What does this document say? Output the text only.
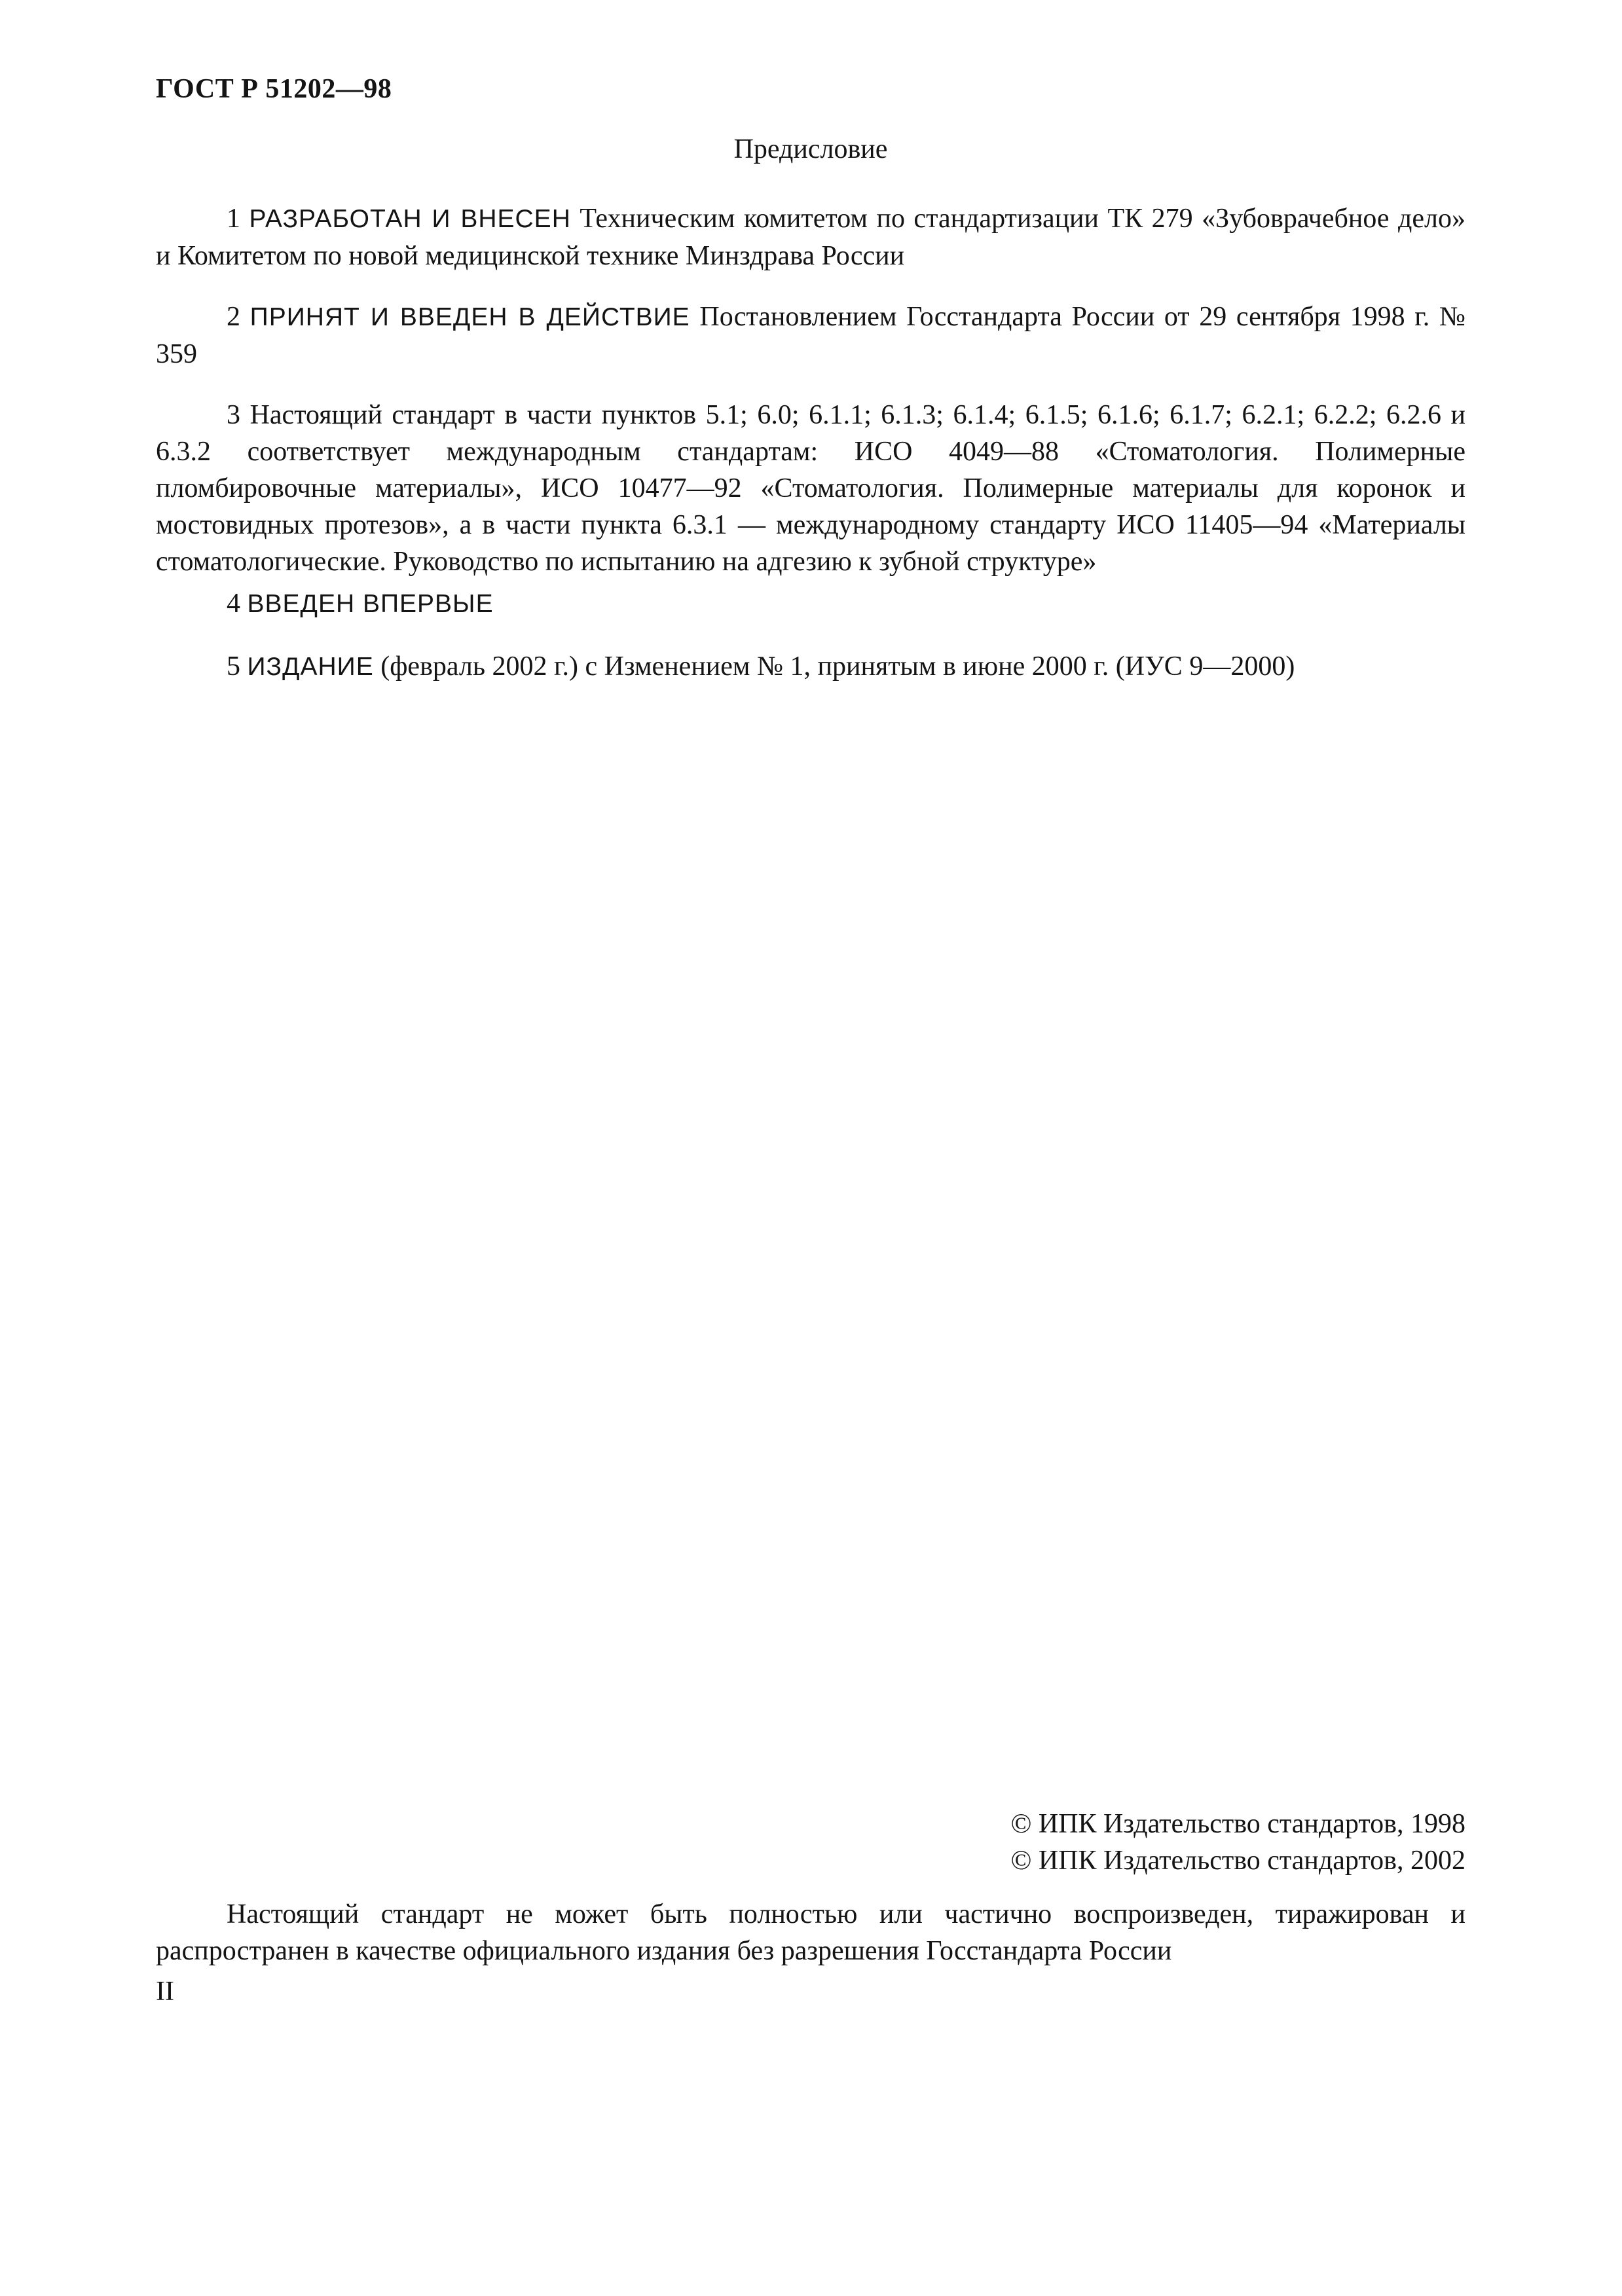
ГОСТ Р 51202—98
Предисловие

1 РАЗРАБОТАН И ВНЕСЕН Техническим комитетом по стандартизации ТК 279 «Зубоврачебное дело» и Комитетом по новой медицинской технике Минздрава России

2 ПРИНЯТ И ВВЕДЕН В ДЕЙСТВИЕ Постановлением Госстандарта России от 29 сентября 1998 г. № 359

3 Настоящий стандарт в части пунктов 5.1; 6.0; 6.1.1; 6.1.3; 6.1.4; 6.1.5; 6.1.6; 6.1.7; 6.2.1; 6.2.2; 6.2.6 и 6.3.2 соответствует международным стандартам: ИСО 4049—88 «Стоматология. Полимерные пломбировочные материалы», ИСО 10477—92 «Стоматология. Полимерные материалы для коронок и мостовидных протезов», а в части пункта 6.3.1 — международному стандарту ИСО 11405—94 «Материалы стоматологические. Руководство по испытанию на адгезию к зубной структуре»

4 ВВЕДЕН ВПЕРВЫЕ

5 ИЗДАНИЕ (февраль 2002 г.) с Изменением № 1, принятым в июне 2000 г. (ИУС 9—2000)

© ИПК Издательство стандартов, 1998
© ИПК Издательство стандартов, 2002

Настоящий стандарт не может быть полностью или частично воспроизведен, тиражирован и распространен в качестве официального издания без разрешения Госстандарта России

II
